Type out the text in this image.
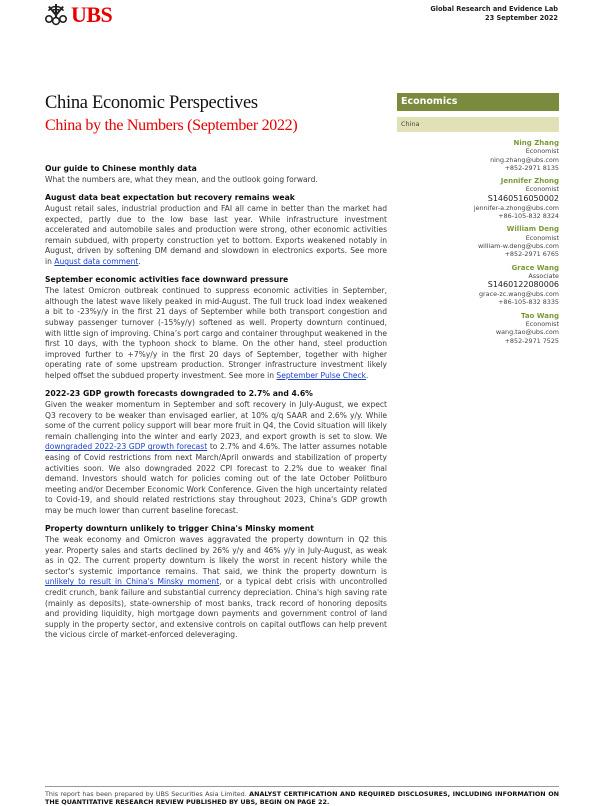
UBS	Global Research and Evidence Lab
23 September 2022
China Economic Perspectives
China by the Numbers (September 2022)
Economics
China
Ning Zhang
Economist
ning.zhang@ubs.com
+852-2971 8135
Jennifer Zhong
Economist
S1460516050002
jennifer-a.zhong@ubs.com
+86-105-832 8324
William Deng
Economist
william-w.deng@ubs.com
+852-2971 6765
Grace Wang
Associate
S1460122080006
grace-zc.wang@ubs.com
+86-105-832 8335
Tao Wang
Economist
wang.tao@ubs.com
+852-2971 7525
Our guide to Chinese monthly data

What the numbers are, what they mean, and the outlook going forward.

August data beat expectation but recovery remains weak

August retail sales, industrial production and FAI all came in better than the market had expected, partly due to the low base last year. While infrastructure investment accelerated and automobile sales and production were strong, other economic activities remain subdued, with property construction yet to bottom. Exports weakened notably in August, driven by softening DM demand and slowdown in electronics exports. See more in August data comment.

September economic activities face downward pressure

The latest Omicron outbreak continued to suppress economic activities in September, although the latest wave likely peaked in mid-August. The full truck load index weakened a bit to -23%y/y in the first 21 days of September while both transport congestion and subway passenger turnover (-15%y/y) softened as well. Property downturn continued, with little sign of improving. China’s port cargo and container throughput weakened in the first 10 days, with the typhoon shock to blame. On the other hand, steel production improved further to +7%y/y in the first 20 days of September, together with higher operating rate of some upstream production. Stronger infrastructure investment likely helped offset the subdued property investment. See more in September Pulse Check.

2022-23 GDP growth forecasts downgraded to 2.7% and 4.6%

Given the weaker momentum in September and soft recovery in July-August, we expect Q3 recovery to be weaker than envisaged earlier, at 10% q/q SAAR and 2.6% y/y. While some of the current policy support will bear more fruit in Q4, the Covid situation will likely remain challenging into the winter and early 2023, and export growth is set to slow. We downgraded 2022-23 GDP growth forecast to 2.7% and 4.6%. The latter assumes notable easing of Covid restrictions from next March/April onwards and stabilization of property activities soon. We also downgraded 2022 CPI forecast to 2.2% due to weaker final demand. Investors should watch for policies coming out of the late October Politburo meeting and/or December Economic Work Conference. Given the high uncertainty related to Covid-19, and should related restrictions stay throughout 2023, China's GDP growth may be much lower than current baseline forecast.

Property downturn unlikely to trigger China's Minsky moment

The weak economy and Omicron waves aggravated the property downturn in Q2 this year. Property sales and starts declined by 26% y/y and 46% y/y in July-August, as weak as in Q2. The current property downturn is likely the worst in recent history while the sector's systemic importance remains. That said, we think the property downturn is unlikely to result in China's Minsky moment, or a typical debt crisis with uncontrolled credit crunch, bank failure and substantial currency depreciation. China's high saving rate (mainly as deposits), state-ownership of most banks, track record of honoring deposits and providing liquidity, high mortgage down payments and government control of land supply in the property sector, and extensive controls on capital outflows can help prevent the vicious circle of market-enforced deleveraging.

This report has been prepared by UBS Securities Asia Limited. ANALYST CERTIFICATION AND REQUIRED DISCLOSURES, INCLUDING INFORMATION ON THE QUANTITATIVE RESEARCH REVIEW PUBLISHED BY UBS, BEGIN ON PAGE 22.
